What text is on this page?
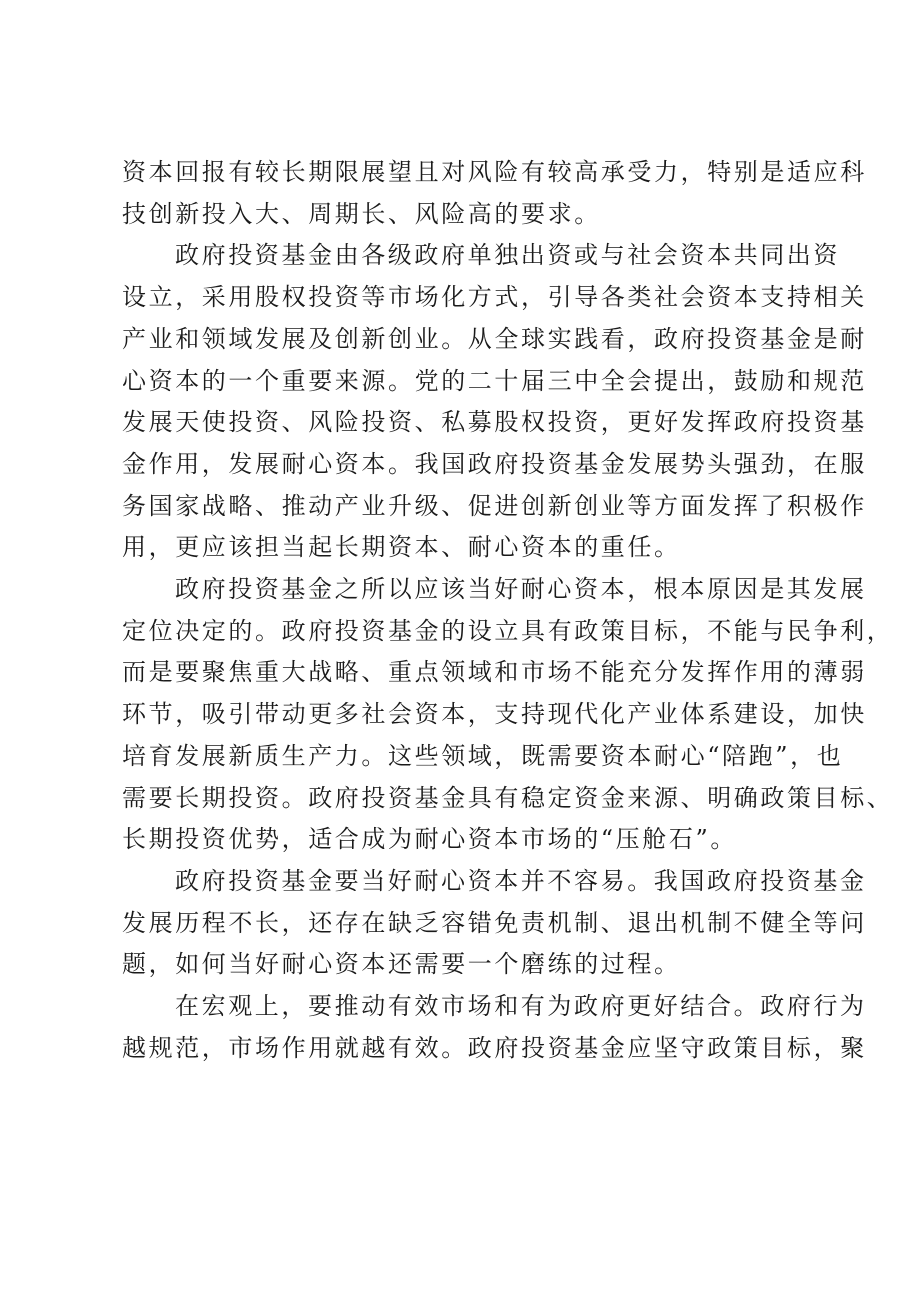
资本回报有较长期限展望且对风险有较高承受力，特别是适应科
技创新投入大、周期长、风险高的要求。

政府投资基金由各级政府单独出资或与社会资本共同出资
设立，采用股权投资等市场化方式，引导各类社会资本支持相关
产业和领域发展及创新创业。从全球实践看，政府投资基金是耐
心资本的一个重要来源。党的二十届三中全会提出，鼓励和规范
发展天使投资、风险投资、私募股权投资，更好发挥政府投资基
金作用，发展耐心资本。我国政府投资基金发展势头强劲，在服
务国家战略、推动产业升级、促进创新创业等方面发挥了积极作
用，更应该担当起长期资本、耐心资本的重任。

政府投资基金之所以应该当好耐心资本，根本原因是其发展
定位决定的。政府投资基金的设立具有政策目标，不能与民争利，
而是要聚焦重大战略、重点领域和市场不能充分发挥作用的薄弱
环节，吸引带动更多社会资本，支持现代化产业体系建设，加快
培育发展新质生产力。这些领域，既需要资本耐心“陪跑”，也
需要长期投资。政府投资基金具有稳定资金来源、明确政策目标、
长期投资优势，适合成为耐心资本市场的“压舱石”。

政府投资基金要当好耐心资本并不容易。我国政府投资基金
发展历程不长，还存在缺乏容错免责机制、退出机制不健全等问
题，如何当好耐心资本还需要一个磨练的过程。

在宏观上，要推动有效市场和有为政府更好结合。政府行为
越规范，市场作用就越有效。政府投资基金应坚守政策目标，聚
